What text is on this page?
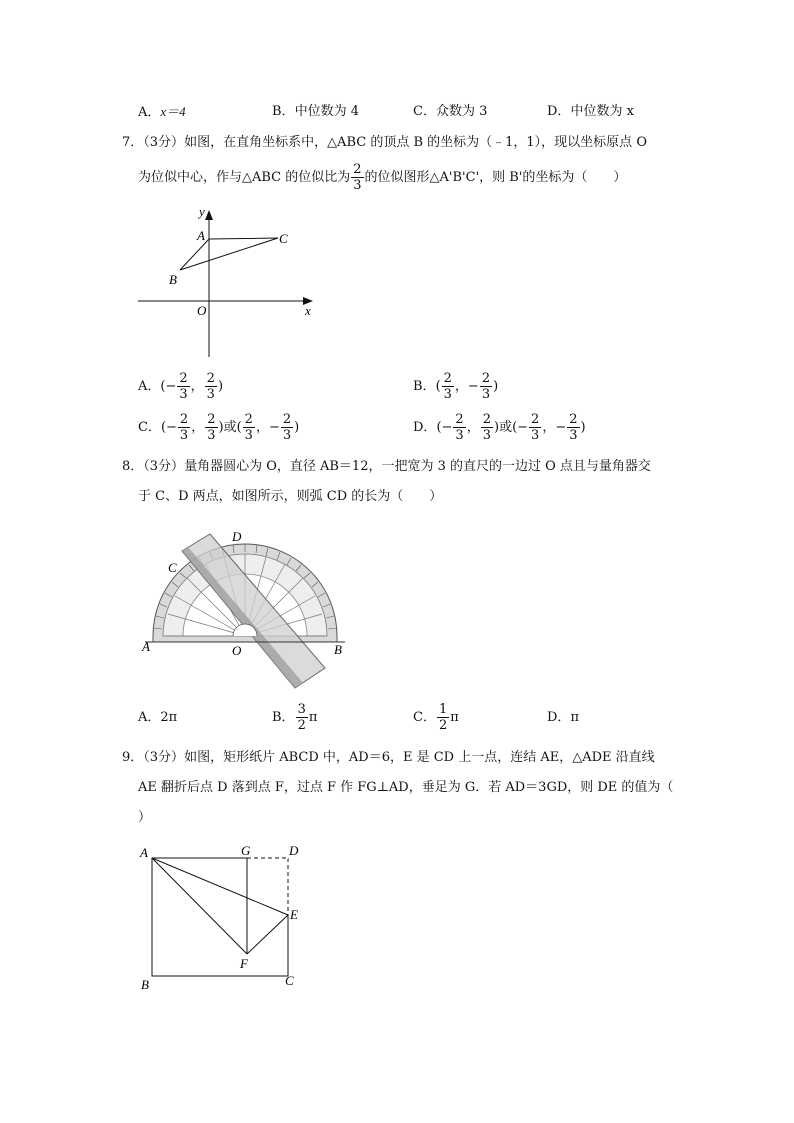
A．x＝4	B．中位数为 4	C．众数为 3	D．中位数为 x
7．（3分）如图，在直角坐标系中，△ABC 的顶点 B 的坐标为（﹣1，1），现以坐标原点 O
为位似中心，作与△ABC 的位似比为 $\frac{2}{3}$ 的位似图形△A'B'C'，则 B'的坐标为（　　）
y
x
O
A
B
C
A．(− $\frac{2}{3}$ ， $\frac{2}{3}$ )	B．( $\frac{2}{3}$ ，− $\frac{2}{3}$ )
C．(− $\frac{2}{3}$ ， $\frac{2}{3}$ )或( $\frac{2}{3}$ ，− $\frac{2}{3}$ )	D．(− $\frac{2}{3}$ ， $\frac{2}{3}$ )或(− $\frac{2}{3}$ ，− $\frac{2}{3}$ )
8．（3分）量角器圆心为 O，直径 AB＝12，一把宽为 3 的直尺的一边过 O 点且与量角器交
于 C、D 两点，如图所示，则弧 CD 的长为（　　）
A	B
C
D
O
A．2π	B． $\frac{3}{2}$ π	C． $\frac{1}{2}$ π	D．π
9．（3分）如图，矩形纸片 ABCD 中，AD＝6，E 是 CD 上一点，连结 AE，△ADE 沿直线
AE 翻折后点 D 落到点 F，过点 F 作 FG⊥AD，垂足为 G．若 AD＝3GD，则 DE 的值为（
）
A	G	D
E
F
B	C
